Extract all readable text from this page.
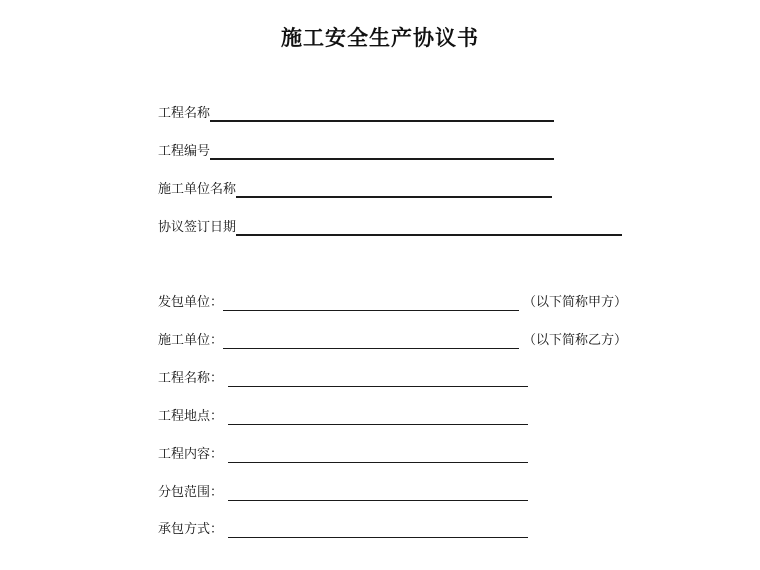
施工安全生产协议书
工程名称
工程编号
施工单位名称
协议签订日期
发包单位：	（以下简称甲方）
施工单位：	（以下简称乙方）
工程名称：
工程地点：
工程内容：
分包范围：
承包方式：
